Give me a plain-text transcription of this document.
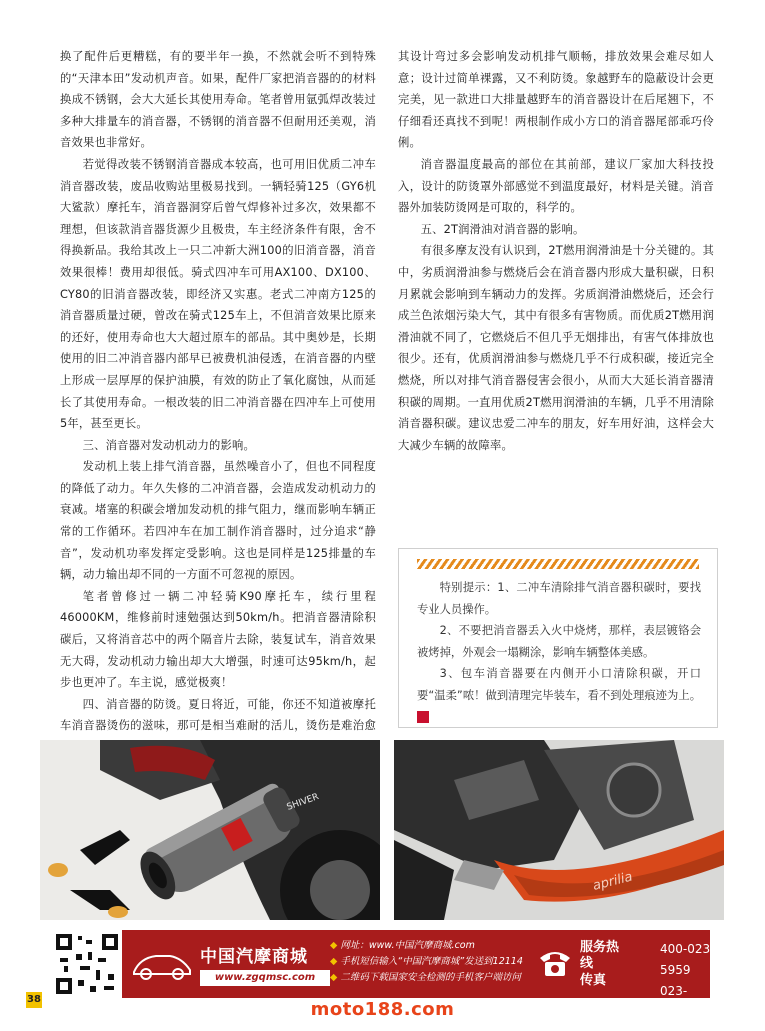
换了配件后更糟糕，有的要半年一换，不然就会听不到特殊的“天津本田”发动机声音。如果，配件厂家把消音器的的材料换成不锈钢，会大大延长其使用寿命。笔者曾用氩弧焊改装过多种大排量车的消音器，不锈钢的消音器不但耐用还美观，消音效果也非常好。

若觉得改装不锈钢消音器成本较高，也可用旧优质二冲车消音器改装，废品收购站里极易找到。一辆轻骑125（GY6机大鲨款）摩托车，消音器洞穿后曾气焊修补过多次，效果都不理想，但该款消音器货源少且极贵，车主经济条件有限，舍不得换新品。我给其改上一只二冲新大洲100的旧消音器，消音效果很棒！费用却很低。骑式四冲车可用AX100、DX100、CY80的旧消音器改装，即经济又实惠。老式二冲南方125的消音器质量过硬，曾改在骑式125车上，不但消音效果比原来的还好，使用寿命也大大超过原车的部品。其中奥妙是，长期使用的旧二冲消音器内部早已被费机油侵透，在消音器的内壁上形成一层厚厚的保护油膜，有效的防止了氧化腐蚀，从而延长了其使用寿命。一根改装的旧二冲消音器在四冲车上可使用5年，甚至更长。

三、消音器对发动机动力的影响。

发动机上装上排气消音器，虽然噪音小了，但也不同程度的降低了动力。年久失修的二冲消音器，会造成发动机动力的衰减。堵塞的积碳会增加发动机的排气阻力，继而影响车辆正常的工作循环。若四冲车在加工制作消音器时，过分追求“静音”，发动机功率发挥定受影响。这也是同样是125排量的车辆，动力输出却不同的一方面不可忽视的原因。

笔者曾修过一辆二冲轻骑K90摩托车，续行里程46000KM，维修前时速勉强达到50km/h。把消音器清除积碳后，又将消音芯中的两个隔音片去除，装复试车，消音效果无大碍，发动机动力输出却大大增强，时速可达95km/h，起步也更冲了。车主说，感觉极爽！

四、消音器的防烫。夏日将近，可能，你还不知道被摩托车消音器烫伤的滋味，那可是相当难耐的活儿，烫伤是难治愈

其设计弯过多会影响发动机排气顺畅，排放效果会难尽如人意；设计过简单裸露，又不利防烫。象越野车的隐蔽设计会更完美，见一款进口大排量越野车的消音器设计在后尾翘下，不仔细看还真找不到呢！两根制作成小方口的消音器尾部乖巧伶俐。

消音器温度最高的部位在其前部，建议厂家加大科技投入，设计的防烫罩外部感觉不到温度最好，材料是关键。消音器外加装防烫网是可取的，科学的。

五、2T润滑油对消音器的影响。

有很多摩友没有认识到，2T燃用润滑油是十分关键的。其中，劣质润滑油参与燃烧后会在消音器内形成大量积碳，日积月累就会影响到车辆动力的发挥。劣质润滑油燃烧后，还会行成兰色浓烟污染大气，其中有很多有害物质。而优质2T燃用润滑油就不同了，它燃烧后不但几乎无烟排出，有害气体排放也很少。还有，优质润滑油参与燃烧几乎不行成积碳，接近完全燃烧，所以对排气消音器侵害会很小，从而大大延长消音器清积碳的周期。一直用优质2T燃用润滑油的车辆，几乎不用清除消音器积碳。建议忠爱二冲车的朋友，好车用好油，这样会大大减少车辆的故障率。

特别提示：1、二冲车清除排气消音器积碳时，要找专业人员操作。

2、不要把消音器丢入火中烧烤，那样，表层镀铬会被烤掉，外观会一塌糊涂，影响车辆整体美感。

3、包车消音器要在内侧开小口清除积碳，开口要“温柔”哝！做到清理完毕装车，看不到处理痕迹为上。N

SHIVER
aprilia
中国汽摩商城
www.zgqmsc.com
◆ 网址：www.中国汽摩商城.com
◆ 手机短信输入“中国汽摩商城”发送到12114
◆ 二维码下载国家安全检测的手机客户端访问
服务热线
传真
400-023-5959
023-67731065
38	moto188.com
